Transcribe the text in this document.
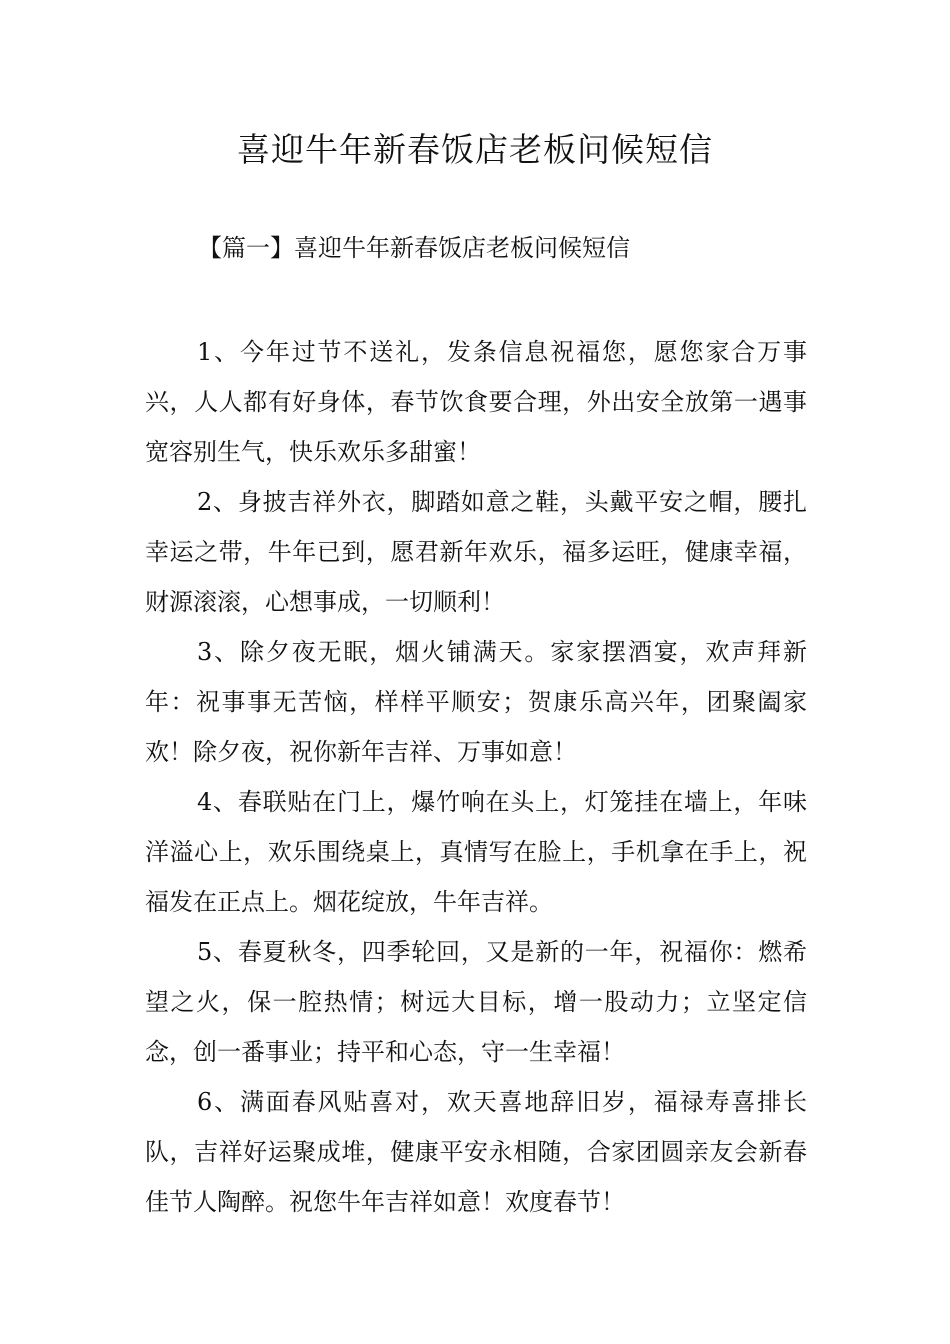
喜迎牛年新春饭店老板问候短信
【篇一】喜迎牛年新春饭店老板问候短信

1、今年过节不送礼，发条信息祝福您，愿您家合万事兴，人人都有好身体，春节饮食要合理，外出安全放第一遇事宽容别生气，快乐欢乐多甜蜜！

2、身披吉祥外衣，脚踏如意之鞋，头戴平安之帽，腰扎幸运之带，牛年已到，愿君新年欢乐，福多运旺，健康幸福，财源滚滚，心想事成，一切顺利！

3、除夕夜无眠，烟火铺满天。家家摆酒宴，欢声拜新年：祝事事无苦恼，样样平顺安；贺康乐高兴年，团聚阖家欢！除夕夜，祝你新年吉祥、万事如意！

4、春联贴在门上，爆竹响在头上，灯笼挂在墙上，年味洋溢心上，欢乐围绕桌上，真情写在脸上，手机拿在手上，祝福发在正点上。烟花绽放，牛年吉祥。

5、春夏秋冬，四季轮回，又是新的一年，祝福你：燃希望之火，保一腔热情；树远大目标，增一股动力；立坚定信念，创一番事业；持平和心态，守一生幸福！

6、满面春风贴喜对，欢天喜地辞旧岁，福禄寿喜排长队，吉祥好运聚成堆，健康平安永相随，合家团圆亲友会新春佳节人陶醉。祝您牛年吉祥如意！欢度春节！
